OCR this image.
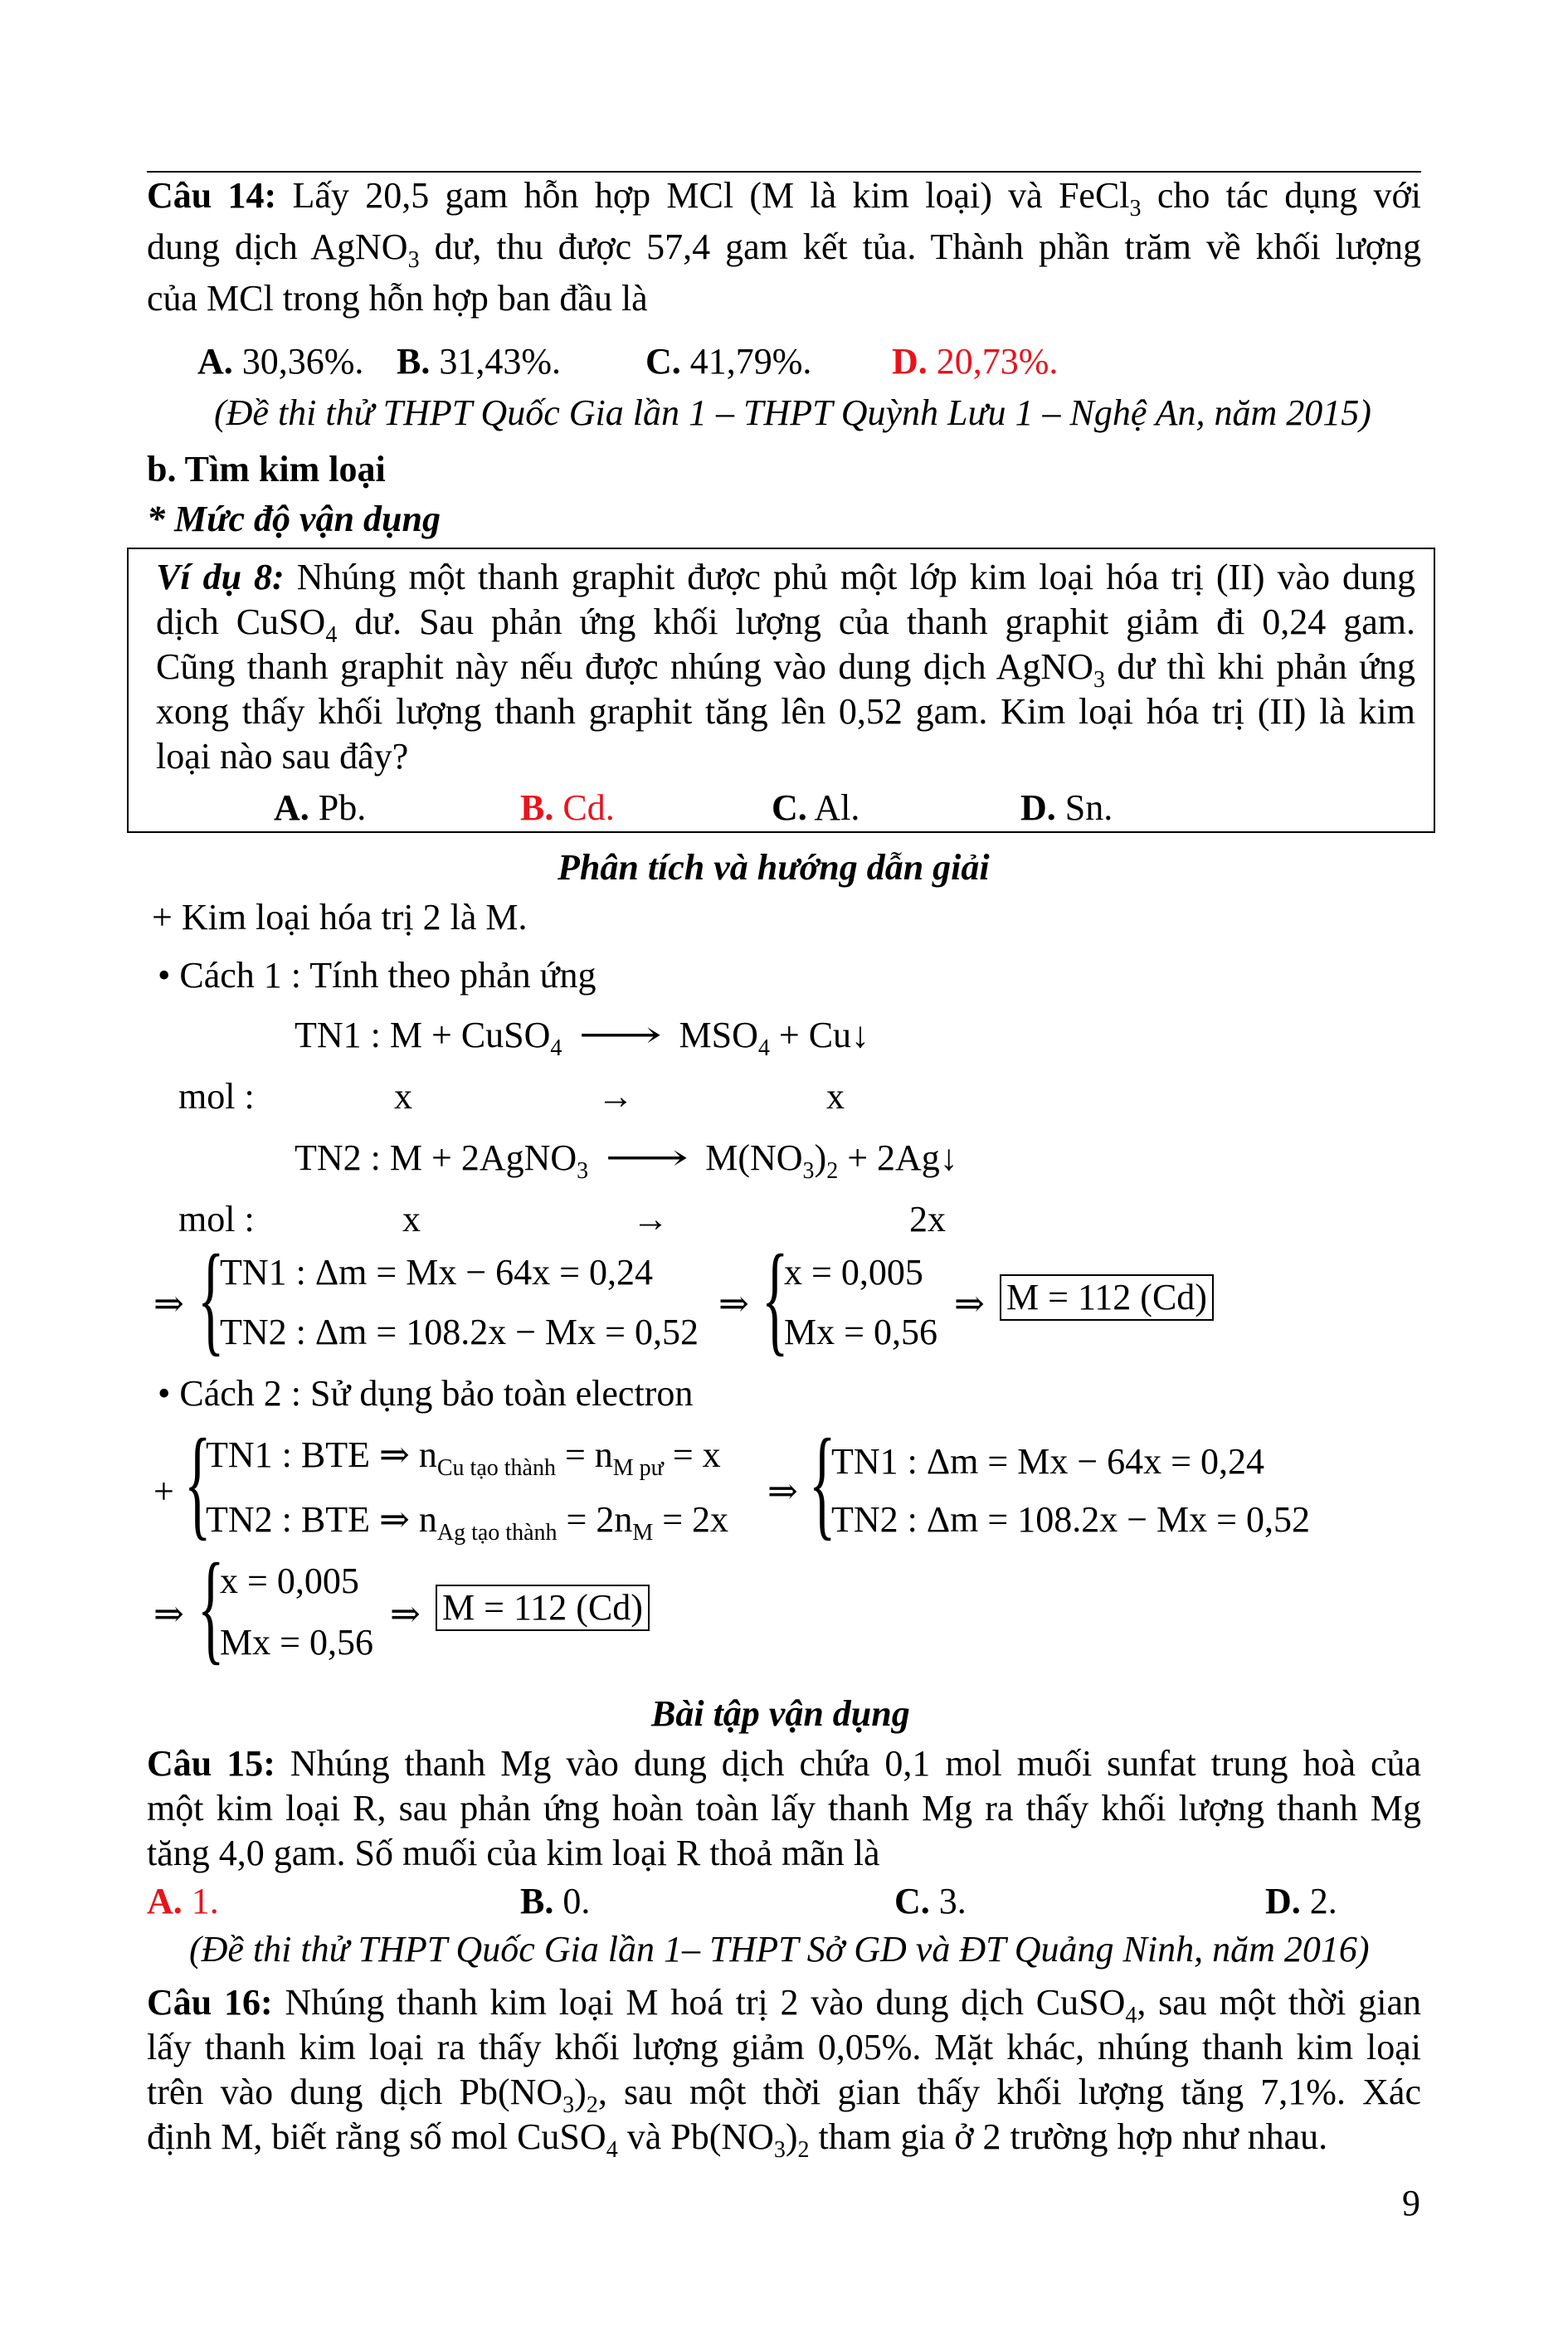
Câu 14: Lấy 20,5 gam hỗn hợp MCl (M là kim loại) và FeCl$_3$ cho tác dụng với
dung dịch AgNO$_3$ dư, thu được 57,4 gam kết tủa. Thành phần trăm về khối lượng
của MCl trong hỗn hợp ban đầu là
A. 30,36%. B. 31,43%. C. 41,79%. D. 20,73%.
(Đề thi thử THPT Quốc Gia lần 1 – THPT Quỳnh Lưu 1 – Nghệ An, năm 2015)
b. Tìm kim loại
* Mức độ vận dụng
Ví dụ 8: Nhúng một thanh graphit được phủ một lớp kim loại hóa trị (II) vào dung
dịch CuSO$_4$ dư. Sau phản ứng khối lượng của thanh graphit giảm đi 0,24 gam.
Cũng thanh graphit này nếu được nhúng vào dung dịch AgNO$_3$ dư thì khi phản ứng
xong thấy khối lượng thanh graphit tăng lên 0,52 gam. Kim loại hóa trị (II) là kim
loại nào sau đây?
A. Pb.	B. Cd.	C. Al.	D. Sn.
Phân tích và hướng dẫn giải
+ Kim loại hóa trị 2 là M.
• Cách 1 : Tính theo phản ứng
TN1 : M + CuSO$_4$ ⟶ $MSO_4$ + Cu↓
mol :	x	→	x
TN2 : M + 2AgNO$_3$ ⟶ $M(NO_3)_2$ + 2Ag↓
mol :	x	→	2x
⇒ {
TN1 : Δm = Mx − 64x = 0,24
TN2 : Δm = 108.2x − Mx = 0,52
⇒ {
x = 0,005
Mx = 0,56
⇒ M = 112 (Cd)
• Cách 2 : Sử dụng bảo toàn electron
+ {
TN1 : BTE ⇒ $n_{Cu tạo thành} = n_{M pư} = x$
TN2 : BTE ⇒ $n_{Ag tạo thành} = 2n_M = 2x$
⇒ {
TN1 : Δm = Mx − 64x = 0,24
TN2 : Δm = 108.2x − Mx = 0,52
⇒ {
x = 0,005
Mx = 0,56
⇒ M = 112 (Cd)
Bài tập vận dụng
Câu 15: Nhúng thanh Mg vào dung dịch chứa 0,1 mol muối sunfat trung hoà của
một kim loại R, sau phản ứng hoàn toàn lấy thanh Mg ra thấy khối lượng thanh Mg
tăng 4,0 gam. Số muối của kim loại R thoả mãn là
A. 1.	B. 0.	C. 3.	D. 2.
(Đề thi thử THPT Quốc Gia lần 1– THPT Sở GD và ĐT Quảng Ninh, năm 2016)
Câu 16: Nhúng thanh kim loại M hoá trị 2 vào dung dịch CuSO$_4$, sau một thời gian
lấy thanh kim loại ra thấy khối lượng giảm 0,05%. Mặt khác, nhúng thanh kim loại
trên vào dung dịch $Pb(NO_3)_2$, sau một thời gian thấy khối lượng tăng 7,1%. Xác
định M, biết rằng số mol CuSO$_4$ và $Pb(NO_3)_2$ tham gia ở 2 trường hợp như nhau.
9
